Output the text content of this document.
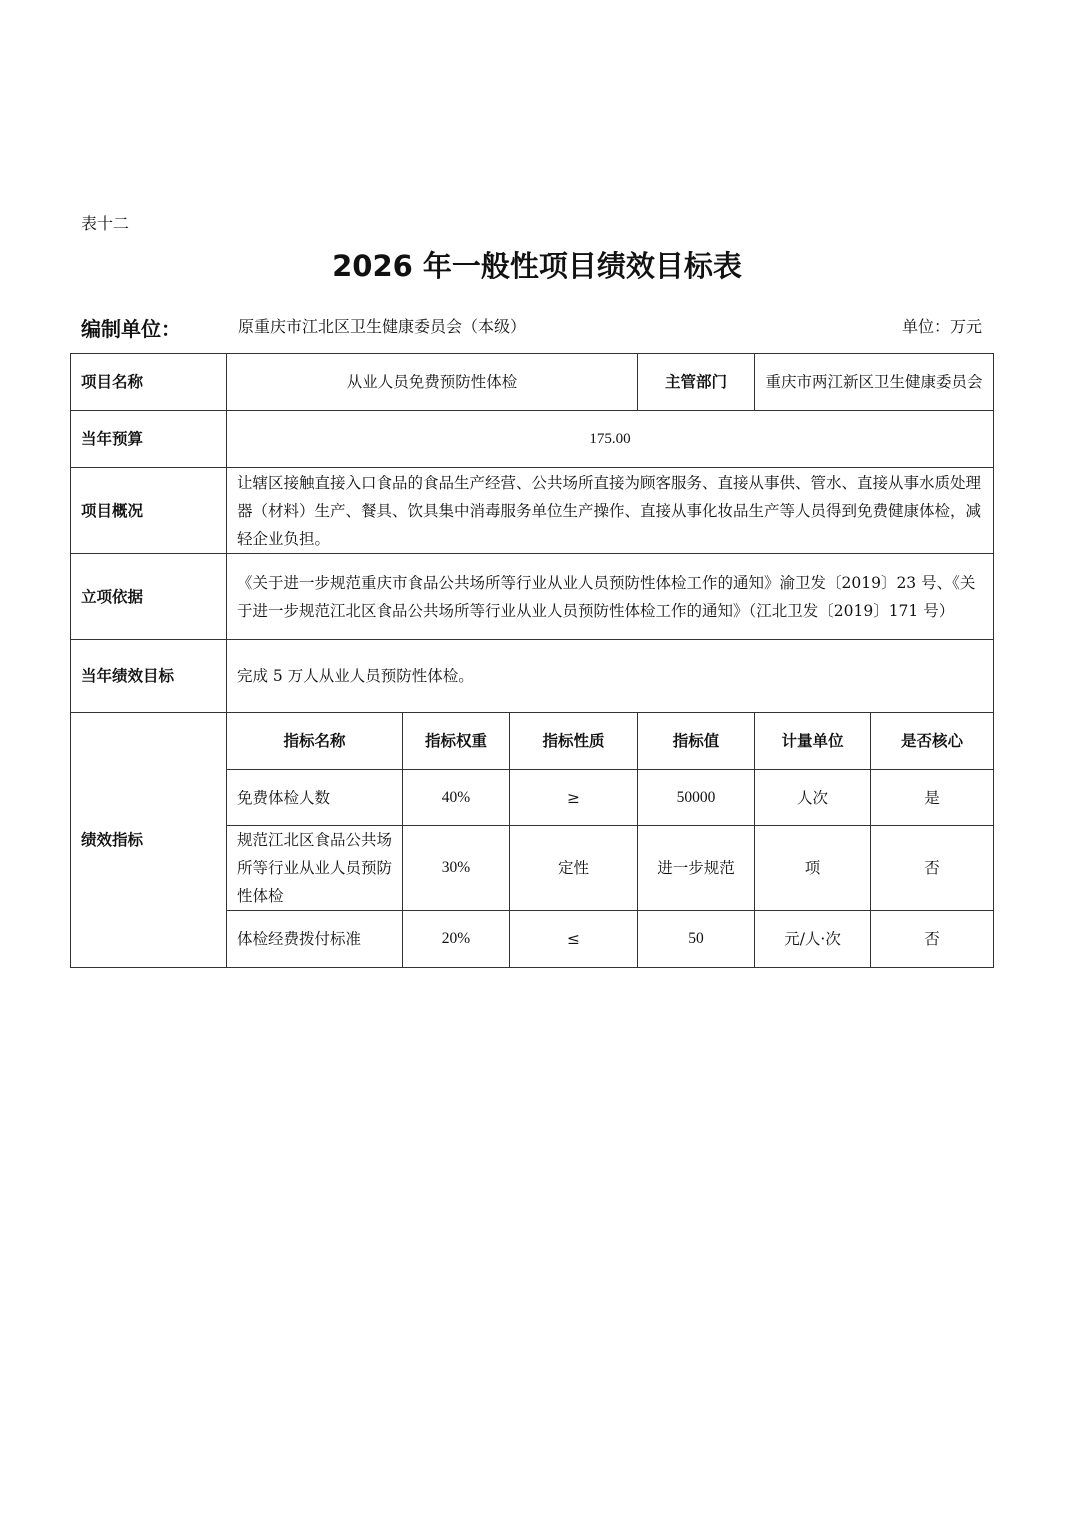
表十二
2026 年一般性项目绩效目标表
编制单位：	原重庆市江北区卫生健康委员会（本级）	单位：万元
项目名称	从业人员免费预防性体检			主管部门	重庆市两江新区卫生健康委员会	
当年预算	175.00					
项目概况	让辖区接触直接入口食品的食品生产经营、公共场所直接为顾客服务、直接从事供、管水、直接从事水质处理器（材料）生产、餐具、饮具集中消毒服务单位生产操作、直接从事化妆品生产等人员得到免费健康体检，减轻企业负担。					
立项依据	《关于进一步规范重庆市食品公共场所等行业从业人员预防性体检工作的通知》渝卫发〔2019〕23 号、《关于进一步规范江北区食品公共场所等行业从业人员预防性体检工作的通知》（江北卫发〔2019〕171 号）					
当年绩效目标	完成 5 万人从业人员预防性体检。					
绩效指标	指标名称	指标权重	指标性质	指标值	计量单位	是否核心
	免费体检人数	40%	≥	50000	人次	是
	规范江北区食品公共场所等行业从业人员预防性体检	30%	定性	进一步规范	项	否
	体检经费拨付标准	20%	≤	50	元/人·次	否
